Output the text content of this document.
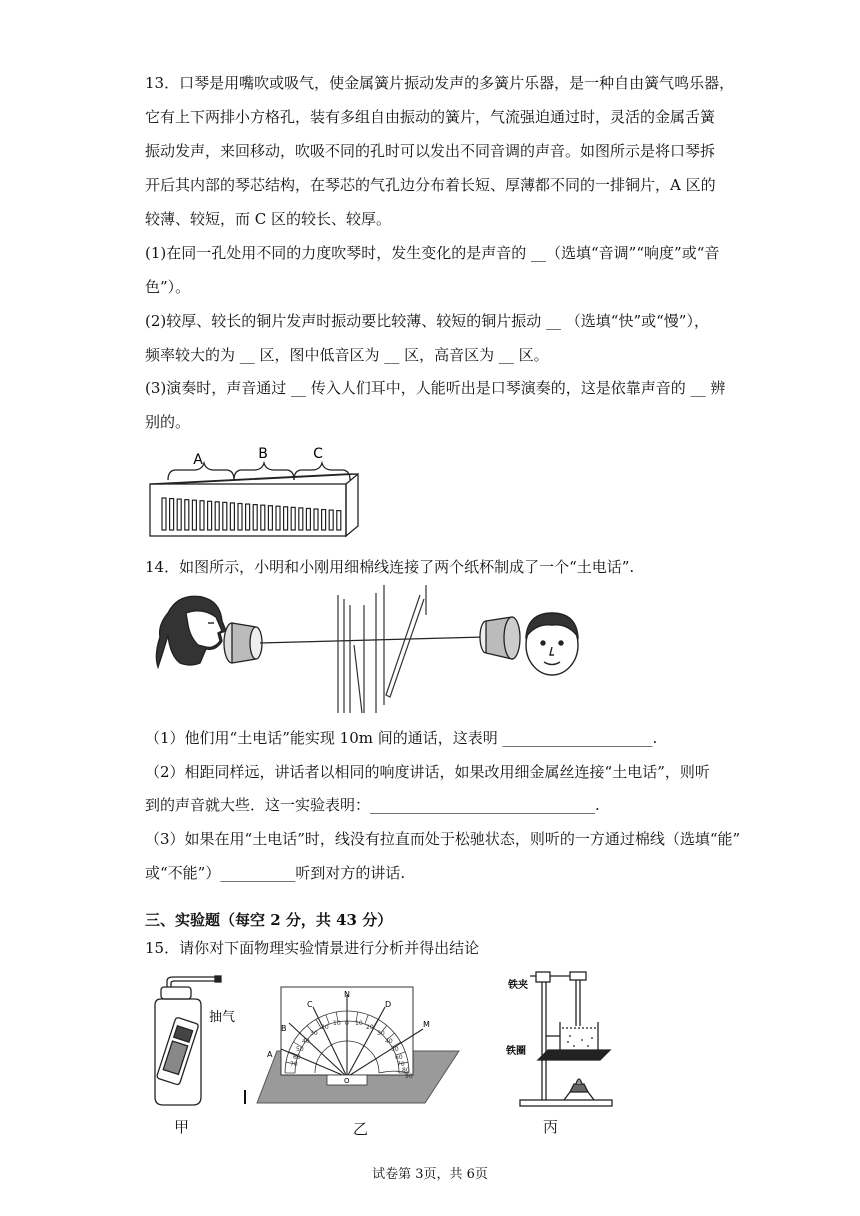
13．口琴是用嘴吹或吸气，使金属簧片振动发声的多簧片乐器，是一种自由簧气鸣乐器，
它有上下两排小方格孔，装有多组自由振动的簧片，气流强迫通过时，灵活的金属舌簧
振动发声，来回移动，吹吸不同的孔时可以发出不同音调的声音。如图所示是将口琴拆
开后其内部的琴芯结构，在琴芯的气孔边分布着长短、厚薄都不同的一排铜片，A 区的
较薄、较短，而 C 区的较长、较厚。
(1)在同一孔处用不同的力度吹琴时，发生变化的是声音的 __（选填“音调”“响度”或“音
色”）。
(2)较厚、较长的铜片发声时振动要比较薄、较短的铜片振动 __ （选填“快”或“慢”），
频率较大的为 __ 区，图中低音区为 __ 区，高音区为 __ 区。
(3)演奏时，声音通过 __ 传入人们耳中，人能听出是口琴演奏的，这是依靠声音的 __ 辨
别的。
A	B	C
14．如图所示，小明和小刚用细棉线连接了两个纸杯制成了一个“土电话”.
（1）他们用“土电话”能实现 10m 间的通话，这表明 ____________________.
（2）相距同样远，讲话者以相同的响度讲话，如果改用细金属丝连接“土电话”，则听
到的声音就大些．这一实验表明：______________________________.
（3）如果在用“土电话”时，线没有拉直而处于松驰状态，则听的一方通过棉线（选填“能”
或“不能”）__________听到对方的讲话.
三、实验题（每空 2 分，共 43 分）
15．请你对下面物理实验情景进行分析并得出结论
抽气
甲
A
B
C
N
D
M
O
0
10 10
20	20
30	30
40	40
50	50
60	60
70	70
80
90
乙
铁夹
铁圈
丙
试卷第 3页，共 6页
